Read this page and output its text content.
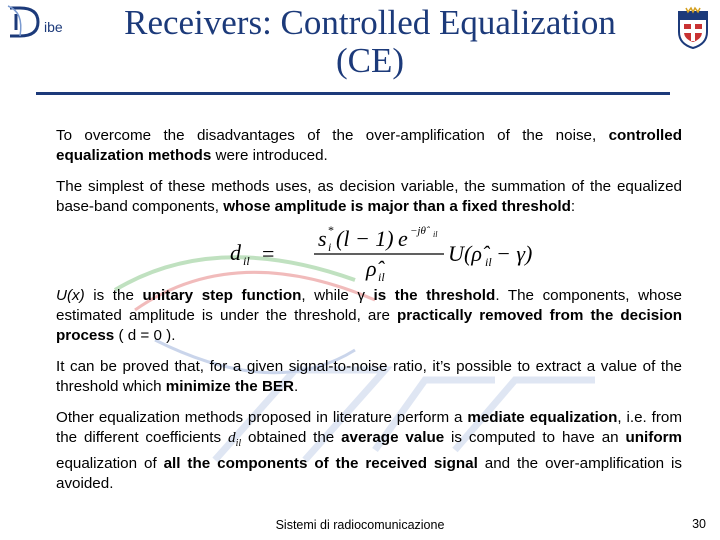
ibe	Receivers: Controlled Equalization
(CE)

To overcome the disadvantages of the over-amplification of the noise, controlled equalization methods were introduced.

The simplest of these methods uses, as decision variable, the summation of the equalized base-band components, whose amplitude is major than a fixed threshold:

d il =
s *
i (l − 1) e −jθ̂ il
ρ̂ il
U (ρ̂ il − γ)

U(x) is the unitary step function, while γ is the threshold. The components, whose estimated amplitude is under the threshold, are practically removed from the decision process ( d = 0 ).

It can be proved that, for a given signal-to-noise ratio, it’s possible to extract a value of the threshold which minimize the BER.

Other equalization methods proposed in literature perform a mediate equalization, i.e. from the different coefficients $d_{il}$ obtained the average value is computed to have an uniform equalization of all the components of the received signal and the over-amplification is avoided.

Sistemi di radiocomunicazione	30
